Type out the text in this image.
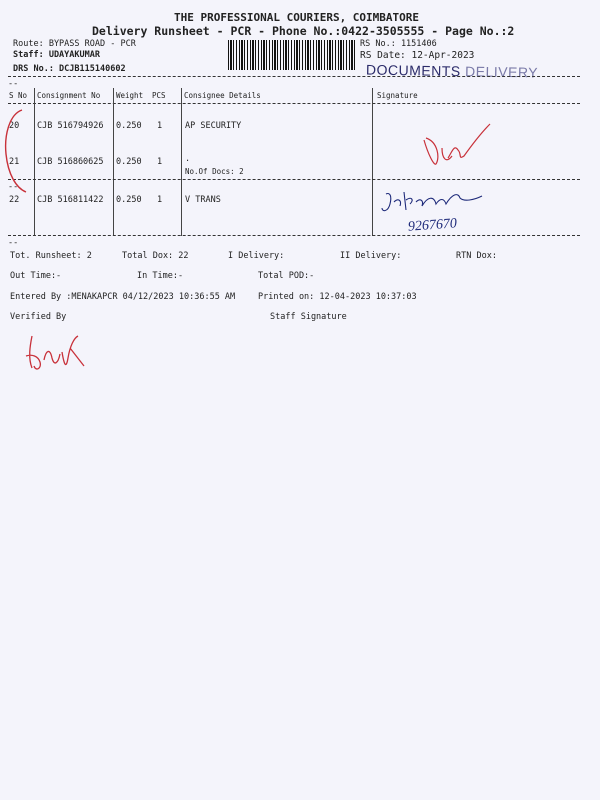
THE PROFESSIONAL COURIERS, COIMBATORE
Delivery Runsheet - PCR - Phone No.:0422-3505555 - Page No.:2
Route: BYPASS ROAD - PCR
Staff: UDAYAKUMAR
DRS No.: DCJB115140602
RS No.: 1151406
RS Date: 12-Apr-2023
DOCUMENTS DELIVERY
--
S No Consignment No Weight PCS Consignee Details	Signature
20 CJB 516794926 0.250 1	AP SECURITY
21 CJB 516860625 0.250 1	.
No.Of Docs: 2
--
22 CJB 516811422 0.250 1	V TRANS
--
Tot. Runsheet: 2	Total Dox: 22	I Delivery:	II Delivery:	RTN Dox:
Out Time:-	In Time:-	Total POD:-
Entered By :MENAKAPCR 04/12/2023 10:36:55 AM	Printed on: 12-04-2023 10:37:03
Verified By	Staff Signature
9267670
